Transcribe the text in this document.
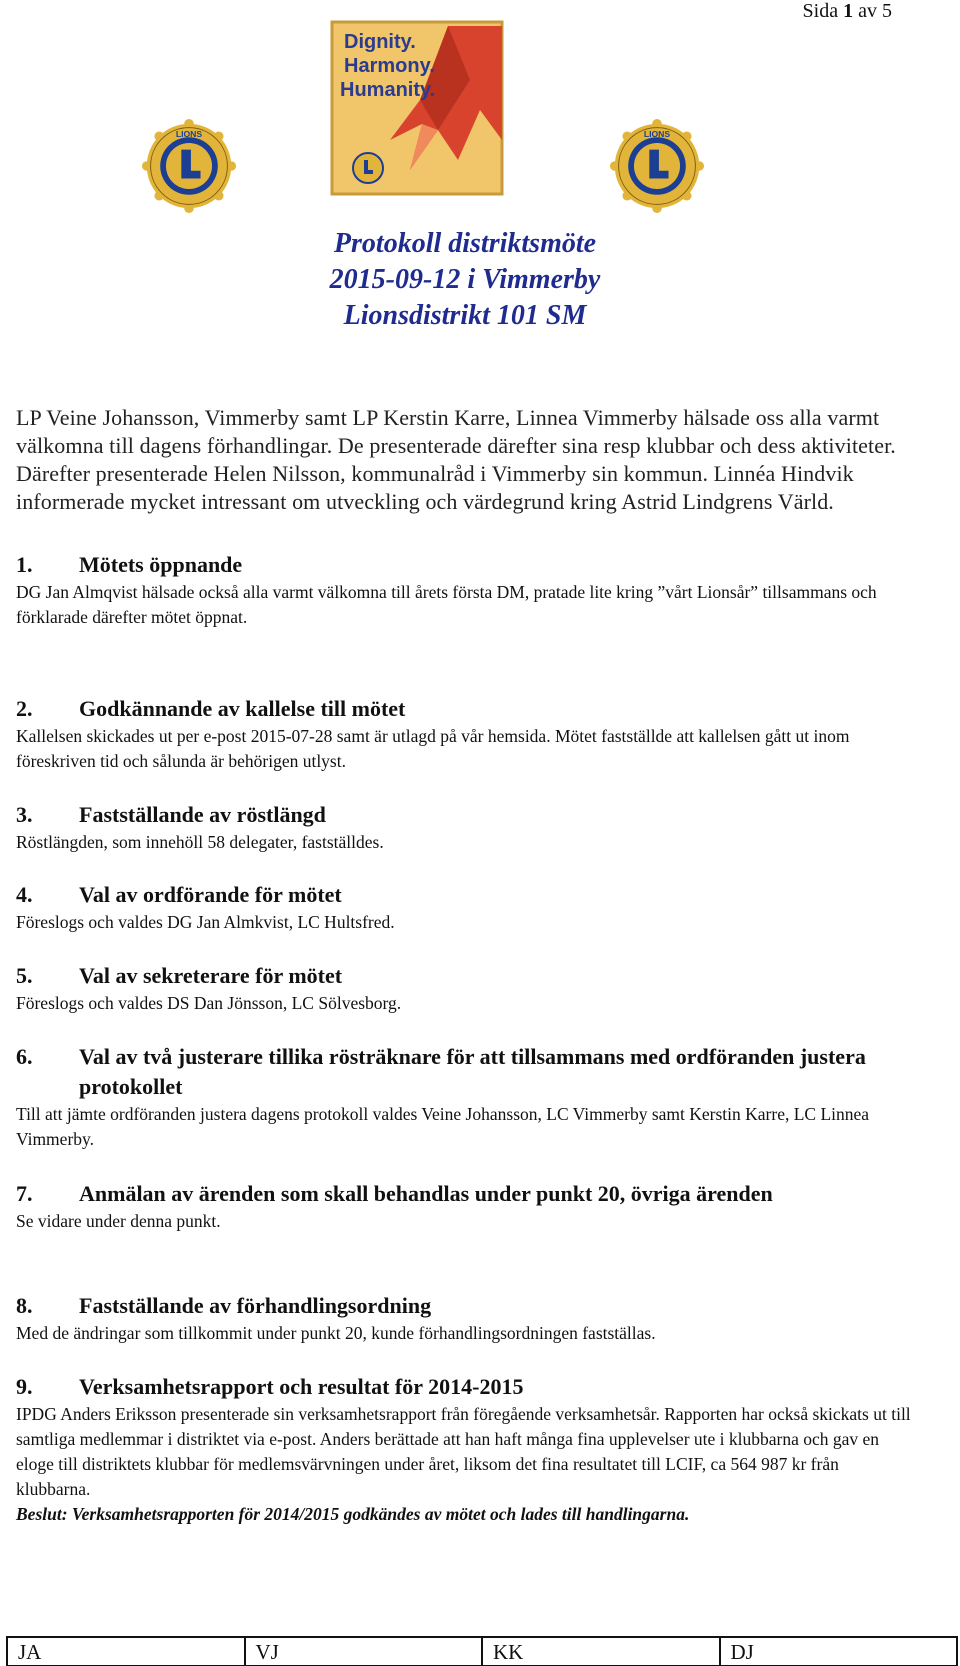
Sida 1 av 5
LIONS
Dignity.
Harmony.
Humanity.
LIONS
Protokoll distriktsmöte
2015-09-12 i Vimmerby
Lionsdistrikt 101 SM

LP Veine Johansson, Vimmerby samt LP Kerstin Karre, Linnea Vimmerby hälsade oss alla varmt välkomna till dagens förhandlingar. De presenterade därefter sina resp klubbar och dess aktiviteter. Därefter presenterade Helen Nilsson, kommunalråd i Vimmerby sin kommun. Linnéa Hindvik informerade mycket intressant om utveckling och värdegrund kring Astrid Lindgrens Värld.

1.	Mötets öppnande
DG Jan Almqvist hälsade också alla varmt välkomna till årets första DM, pratade lite kring ”vårt Lionsår” tillsammans och förklarade därefter mötet öppnat.
2.	Godkännande av kallelse till mötet
Kallelsen skickades ut per e-post 2015-07-28 samt är utlagd på vår hemsida. Mötet fastställde att kallelsen gått ut inom föreskriven tid och sålunda är behörigen utlyst.
3.	Fastställande av röstlängd
Röstlängden, som innehöll 58 delegater, fastställdes.
4.	Val av ordförande för mötet
Föreslogs och valdes DG Jan Almkvist, LC Hultsfred.
5.	Val av sekreterare för mötet
Föreslogs och valdes DS Dan Jönsson, LC Sölvesborg.
6.	Val av två justerare tillika rösträknare för att tillsammans med ordföranden justera protokollet
Till att jämte ordföranden justera dagens protokoll valdes Veine Johansson, LC Vimmerby samt Kerstin Karre, LC Linnea Vimmerby.
7.	Anmälan av ärenden som skall behandlas under punkt 20, övriga ärenden
Se vidare under denna punkt.
8.	Fastställande av förhandlingsordning
Med de ändringar som tillkommit under punkt 20, kunde förhandlingsordningen fastställas.
9.	Verksamhetsrapport och resultat för 2014-2015
IPDG Anders Eriksson presenterade sin verksamhetsrapport från föregående verksamhetsår. Rapporten har också skickats ut till samtliga medlemmar i distriktet via e-post. Anders berättade att han haft många fina upplevelser ute i klubbarna och gav en eloge till distriktets klubbar för medlemsvärvningen under året, liksom det fina resultatet till LCIF, ca 564 987 kr från klubbarna.
Beslut: Verksamhetsrapporten för 2014/2015 godkändes av mötet och lades till handlingarna.
JA	VJ	KK	DJ
